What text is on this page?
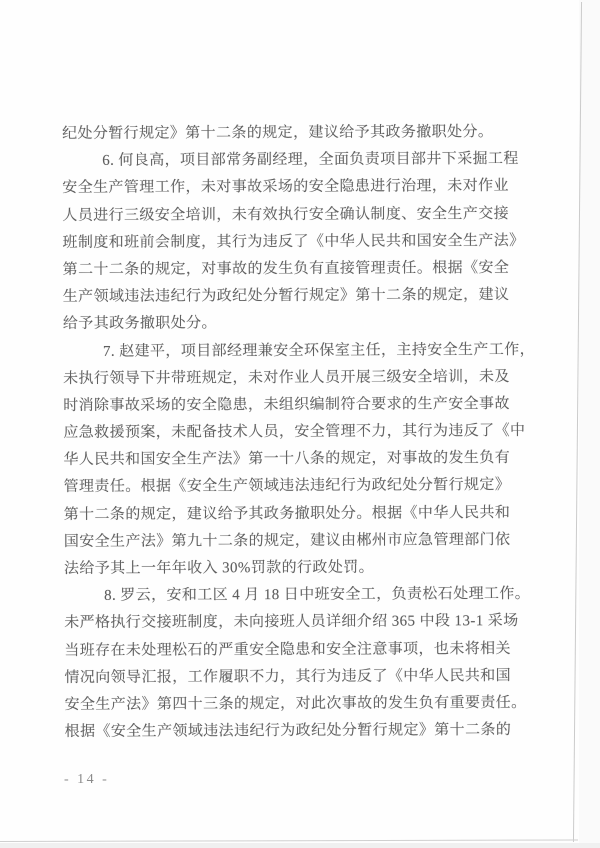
纪处分暂行规定》第十二条的规定，建议给予其政务撤职处分。
6. 何良高，项目部常务副经理，全面负责项目部井下采掘工程
安全生产管理工作，未对事故采场的安全隐患进行治理，未对作业
人员进行三级安全培训，未有效执行安全确认制度、安全生产交接
班制度和班前会制度，其行为违反了《中华人民共和国安全生产法》
第二十二条的规定，对事故的发生负有直接管理责任。根据《安全
生产领域违法违纪行为政纪处分暂行规定》第十二条的规定，建议
给予其政务撤职处分。
7. 赵建平，项目部经理兼安全环保室主任，主持安全生产工作，
未执行领导下井带班规定，未对作业人员开展三级安全培训，未及
时消除事故采场的安全隐患，未组织编制符合要求的生产安全事故
应急救援预案，未配备技术人员，安全管理不力，其行为违反了《中
华人民共和国安全生产法》第一十八条的规定，对事故的发生负有
管理责任。根据《安全生产领域违法违纪行为政纪处分暂行规定》
第十二条的规定，建议给予其政务撤职处分。根据《中华人民共和
国安全生产法》第九十二条的规定，建议由郴州市应急管理部门依
法给予其上一年年收入 30%罚款的行政处罚。
8. 罗云，安和工区 4 月 18 日中班安全工，负责松石处理工作。
未严格执行交接班制度，未向接班人员详细介绍 365 中段 13-1 采场
当班存在未处理松石的严重安全隐患和安全注意事项，也未将相关
情况向领导汇报，工作履职不力，其行为违反了《中华人民共和国
安全生产法》第四十三条的规定，对此次事故的发生负有重要责任。
根据《安全生产领域违法违纪行为政纪处分暂行规定》第十二条的
- 14 -
